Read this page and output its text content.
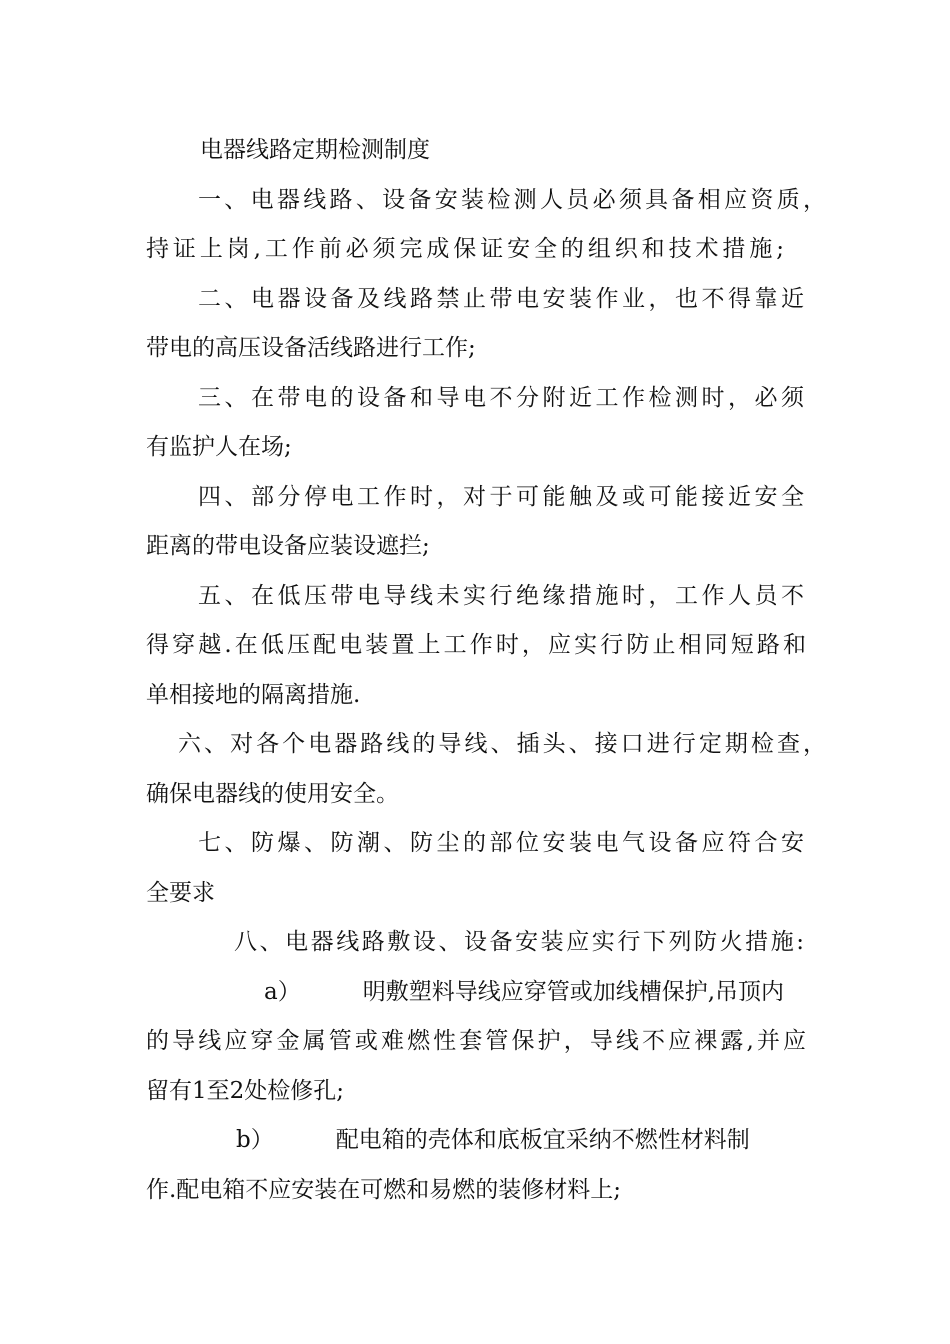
电器线路定期检测制度
一、电器线路、设备安装检测人员必须具备相应资质，
持证上岗,工作前必须完成保证安全的组织和技术措施;
二、电器设备及线路禁止带电安装作业，也不得靠近
带电的高压设备活线路进行工作;
三、在带电的设备和导电不分附近工作检测时，必须
有监护人在场;
四、部分停电工作时，对于可能触及或可能接近安全
距离的带电设备应装设遮拦;
五、在低压带电导线未实行绝缘措施时，工作人员不
得穿越.在低压配电装置上工作时，应实行防止相同短路和
单相接地的隔离措施.
六、对各个电器路线的导线、插头、接口进行定期检查，
确保电器线的使用安全。
七、防爆、防潮、防尘的部位安装电气设备应符合安
全要求
八、电器线路敷设、设备安装应实行下列防火措施:
a）	明敷塑料导线应穿管或加线槽保护,吊顶内
的导线应穿金属管或难燃性套管保护，导线不应裸露,并应
留有1至2处检修孔;
b）	配电箱的壳体和底板宜采纳不燃性材料制
作.配电箱不应安装在可燃和易燃的装修材料上;
